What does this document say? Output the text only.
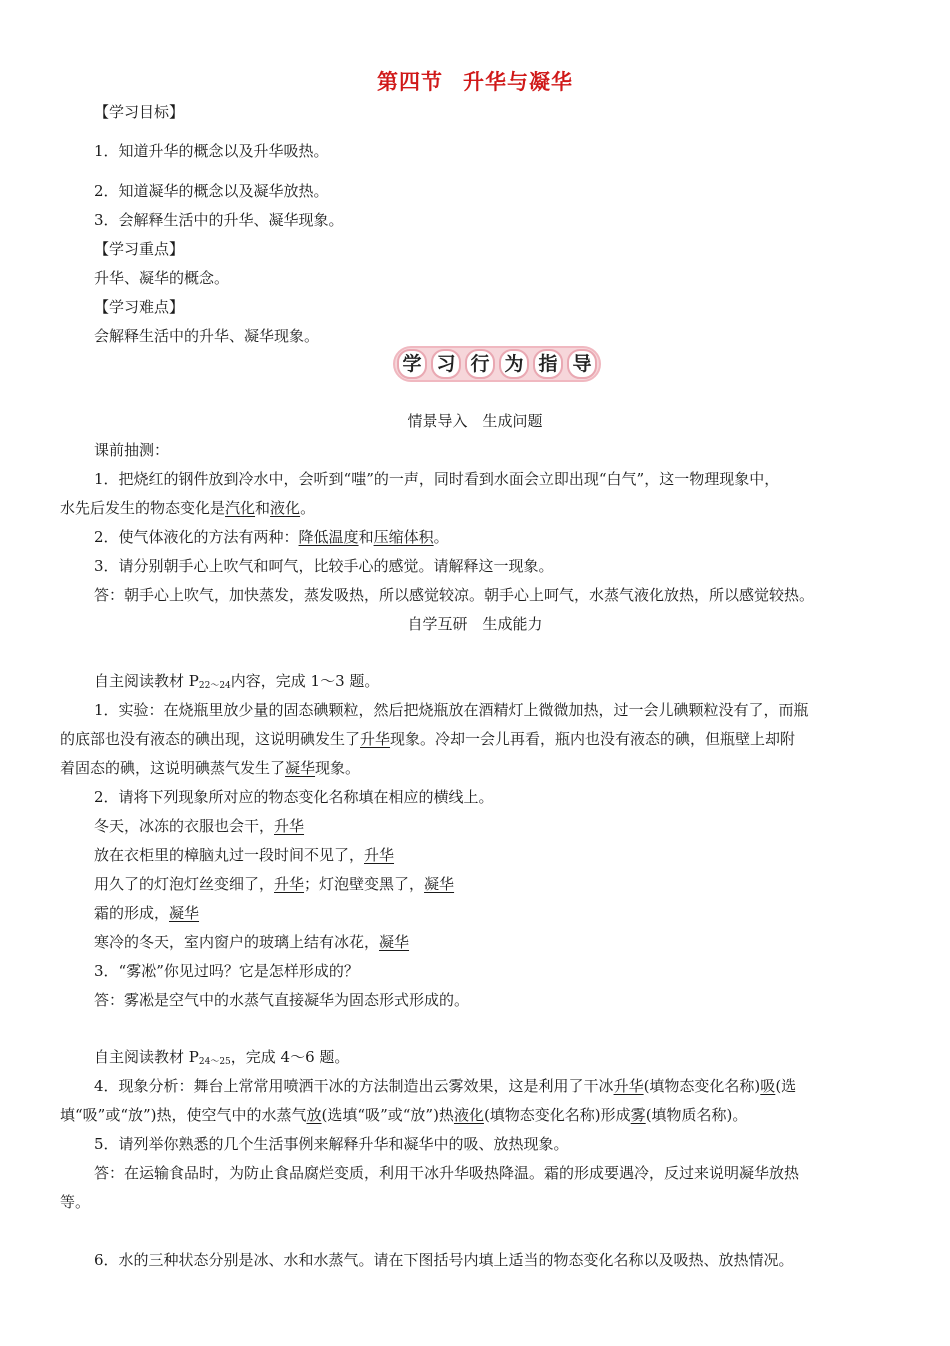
第四节 升华与凝华
【学习目标】
1．知道升华的概念以及升华吸热。
2．知道凝华的概念以及凝华放热。
3．会解释生活中的升华、凝华现象。
【学习重点】
升华、凝华的概念。
【学习难点】
会解释生活中的升华、凝华现象。
学 习 行 为 指 导
情景导入　生成问题
课前抽测：
1．把烧红的钢件放到冷水中，会听到“嗤”的一声，同时看到水面会立即出现“白气”，这一物理现象中，
水先后发生的物态变化是汽化和液化。
2．使气体液化的方法有两种：降低温度和压缩体积。
3．请分别朝手心上吹气和呵气，比较手心的感觉。请解释这一现象。
答：朝手心上吹气，加快蒸发，蒸发吸热，所以感觉较凉。朝手心上呵气，水蒸气液化放热，所以感觉较热。
自学互研　生成能力
自主阅读教材 $P_{22\sim 24}$内容，完成 1～3 题。
1．实验：在烧瓶里放少量的固态碘颗粒，然后把烧瓶放在酒精灯上微微加热，过一会儿碘颗粒没有了，而瓶
的底部也没有液态的碘出现，这说明碘发生了升华现象。冷却一会儿再看，瓶内也没有液态的碘，但瓶壁上却附
着固态的碘，这说明碘蒸气发生了凝华现象。
2．请将下列现象所对应的物态变化名称填在相应的横线上。
冬天，冰冻的衣服也会干，升华
放在衣柜里的樟脑丸过一段时间不见了，升华
用久了的灯泡灯丝变细了，升华；灯泡壁变黑了，凝华
霜的形成，凝华
寒冷的冬天，室内窗户的玻璃上结有冰花，凝华
3．“雾凇”你见过吗？它是怎样形成的？
答：雾凇是空气中的水蒸气直接凝华为固态形式形成的。
自主阅读教材 $P_{24\sim 25}$，完成 4～6 题。
4．现象分析：舞台上常常用喷洒干冰的方法制造出云雾效果，这是利用了干冰升华(填物态变化名称)吸(选
填“吸”或“放”)热，使空气中的水蒸气放(选填“吸”或“放”)热液化(填物态变化名称)形成雾(填物质名称)。
5．请列举你熟悉的几个生活事例来解释升华和凝华中的吸、放热现象。
答：在运输食品时，为防止食品腐烂变质，利用干冰升华吸热降温。霜的形成要遇冷，反过来说明凝华放热
等。
6．水的三种状态分别是冰、水和水蒸气。请在下图括号内填上适当的物态变化名称以及吸热、放热情况。
